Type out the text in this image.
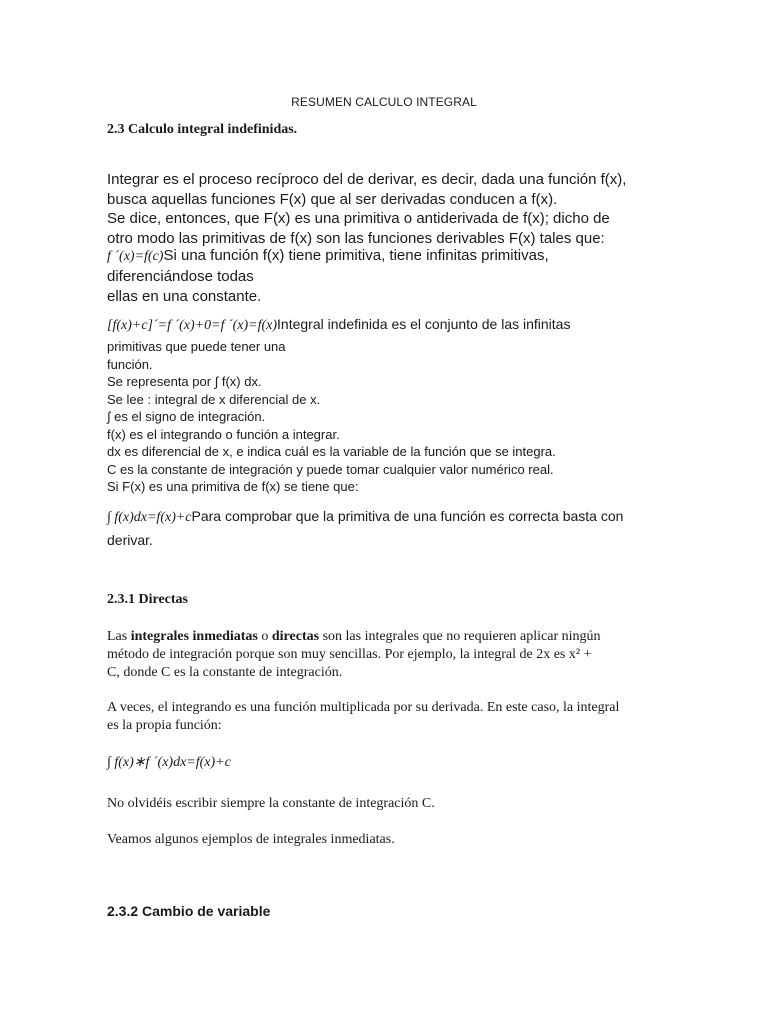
RESUMEN CALCULO INTEGRAL
2.3 Calculo integral indefinidas.
Integrar es el proceso recíproco del de derivar, es decir, dada una función f(x),
busca aquellas funciones F(x) que al ser derivadas conducen a f(x).
Se dice, entonces, que F(x) es una primitiva o antiderivada de f(x); dicho de
otro modo las primitivas de f(x) son las funciones derivables F(x) tales que:
f ´(x)=f(c)Si una función f(x) tiene primitiva, tiene infinitas primitivas,
diferenciándose todas
ellas en una constante.
[f(x)+c]´=f ´(x)+0=f ´(x)=f(x)Integral indefinida es el conjunto de las infinitas
primitivas que puede tener una
función.
Se representa por ∫ f(x) dx.
Se lee : integral de x diferencial de x.
∫ es el signo de integración.
f(x) es el integrando o función a integrar.
dx es diferencial de x, e indica cuál es la variable de la función que se integra.
C es la constante de integración y puede tomar cualquier valor numérico real.
Si F(x) es una primitiva de f(x) se tiene que:
∫ f(x)dx=f(x)+cPara comprobar que la primitiva de una función es correcta basta con
derivar.
2.3.1 Directas
Las integrales inmediatas o directas son las integrales que no requieren aplicar ningún
método de integración porque son muy sencillas. Por ejemplo, la integral de 2x es x² +
C, donde C es la constante de integración.
A veces, el integrando es una función multiplicada por su derivada. En este caso, la integral
es la propia función:
∫ f(x)∗f ´(x)dx=f(x)+c
No olvidéis escribir siempre la constante de integración C.
Veamos algunos ejemplos de integrales inmediatas.
2.3.2 Cambio de variable
